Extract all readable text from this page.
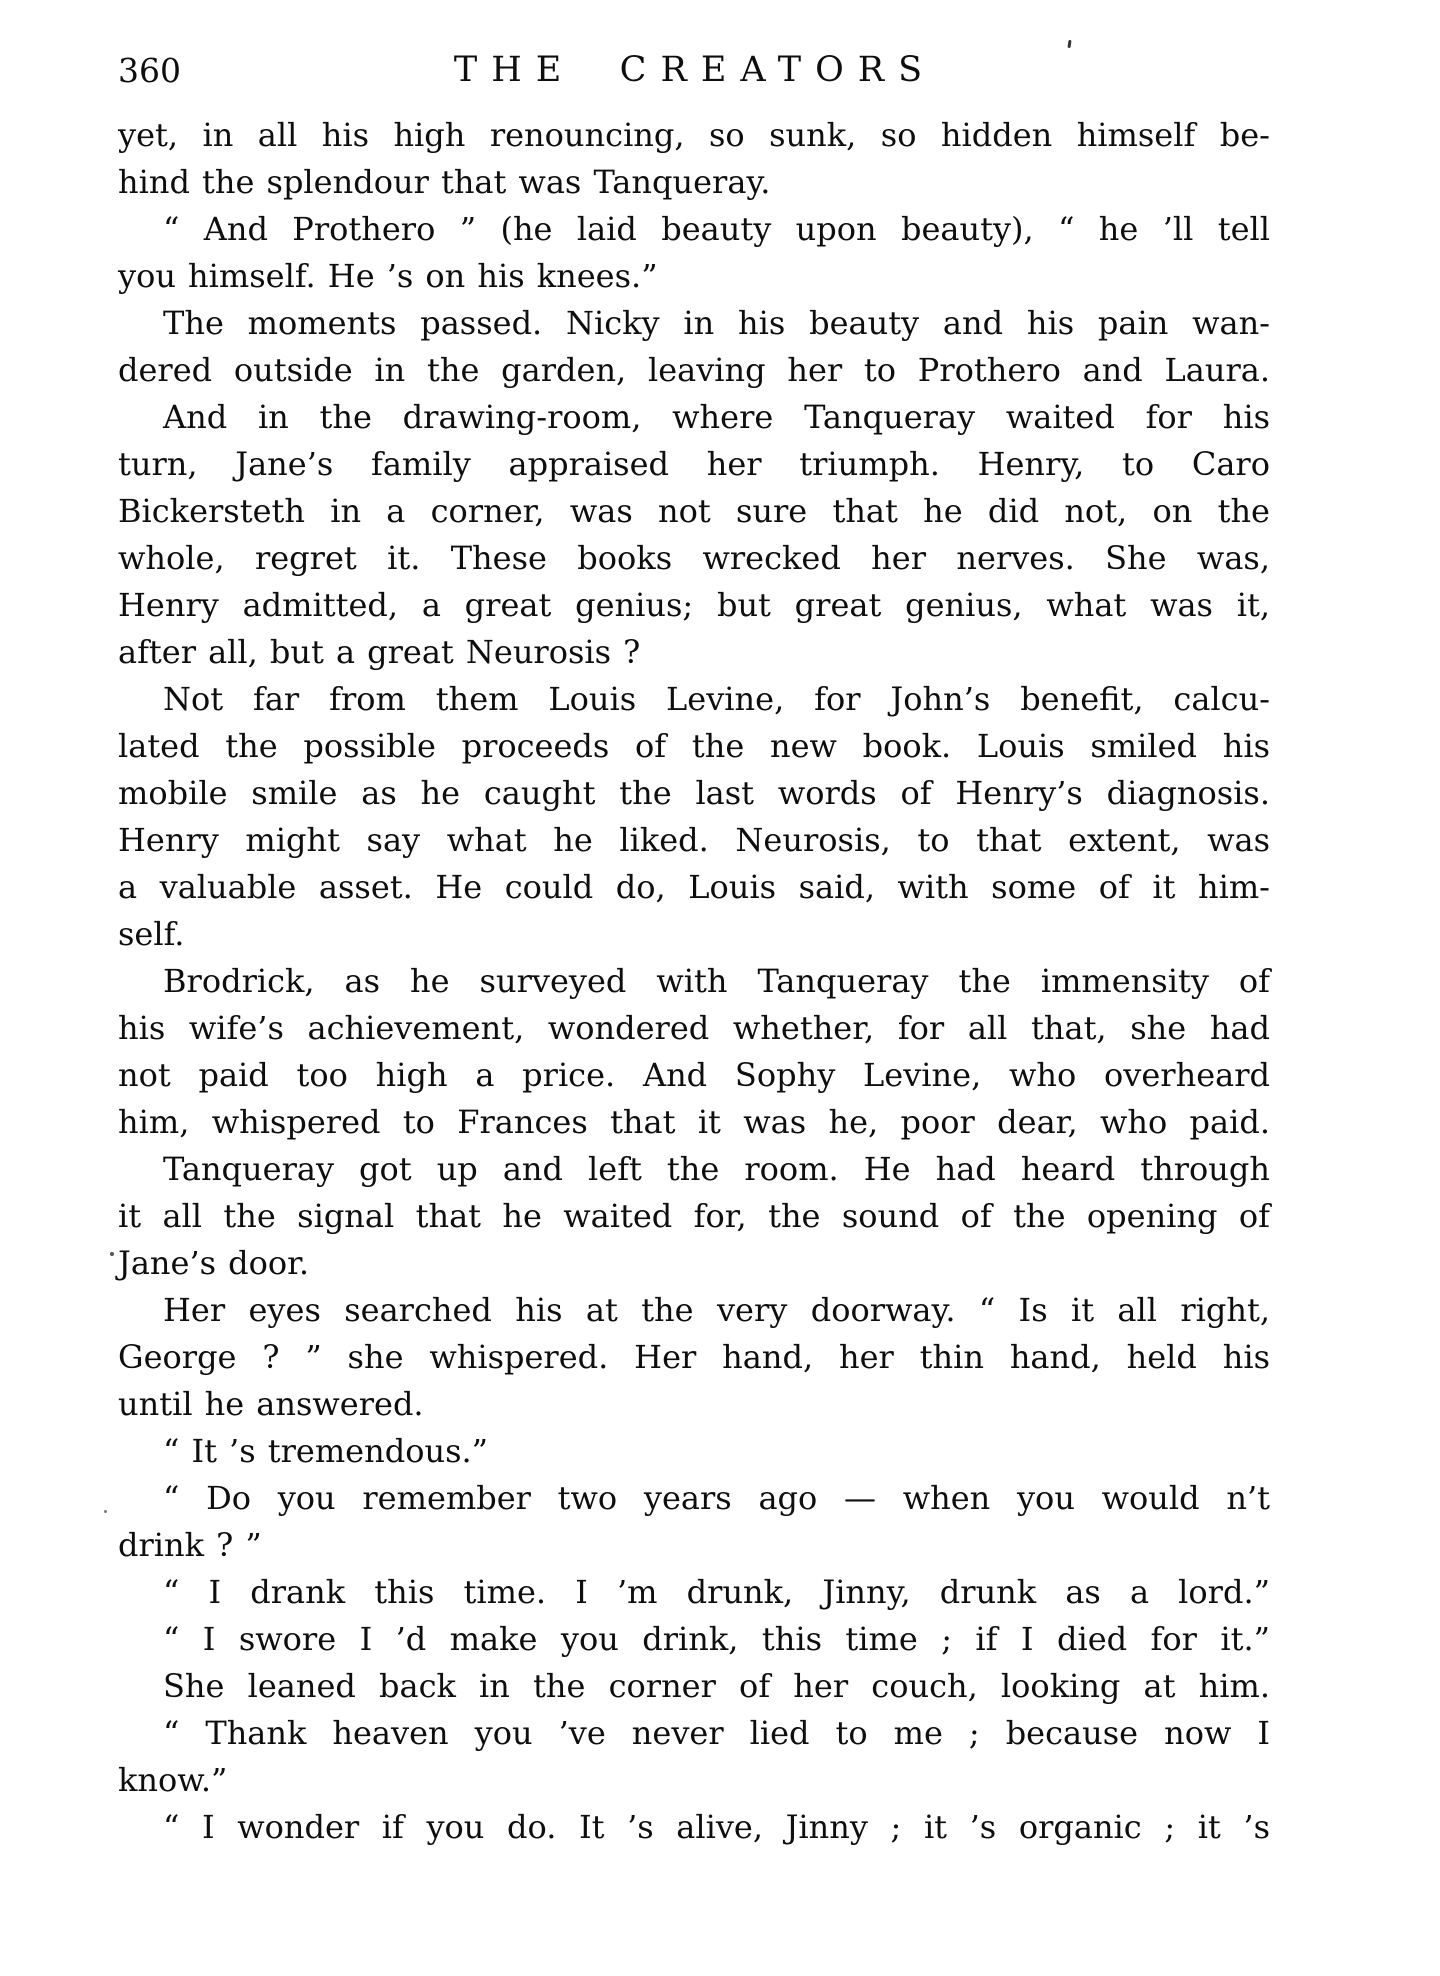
360	THE CREATORS
yet, in all his high renouncing, so sunk, so hidden himself be-
hind the splendour that was Tanqueray.
“ And Prothero ” (he laid beauty upon beauty), “ he ’ll tell
you himself. He ’s on his knees.”
The moments passed. Nicky in his beauty and his pain wan-
dered outside in the garden, leaving her to Prothero and Laura.
And in the drawing-room, where Tanqueray waited for his
turn, Jane’s family appraised her triumph. Henry, to Caro
Bickersteth in a corner, was not sure that he did not, on the
whole, regret it. These books wrecked her nerves. She was,
Henry admitted, a great genius; but great genius, what was it,
after all, but a great Neurosis ?
Not far from them Louis Levine, for John’s benefit, calcu-
lated the possible proceeds of the new book. Louis smiled his
mobile smile as he caught the last words of Henry’s diagnosis.
Henry might say what he liked. Neurosis, to that extent, was
a valuable asset. He could do, Louis said, with some of it him-
self.
Brodrick, as he surveyed with Tanqueray the immensity of
his wife’s achievement, wondered whether, for all that, she had
not paid too high a price. And Sophy Levine, who overheard
him, whispered to Frances that it was he, poor dear, who paid.
Tanqueray got up and left the room. He had heard through
it all the signal that he waited for, the sound of the opening of
Jane’s door.
Her eyes searched his at the very doorway. “ Is it all right,
George ? ” she whispered. Her hand, her thin hand, held his
until he answered.
“ It ’s tremendous.”
“ Do you remember two years ago — when you would n’t
drink ? ”
“ I drank this time. I ’m drunk, Jinny, drunk as a lord.”
“ I swore I ’d make you drink, this time ; if I died for it.”
She leaned back in the corner of her couch, looking at him.
“ Thank heaven you ’ve never lied to me ; because now I
know.”
“ I wonder if you do. It ’s alive, Jinny ; it ’s organic ; it ’s
